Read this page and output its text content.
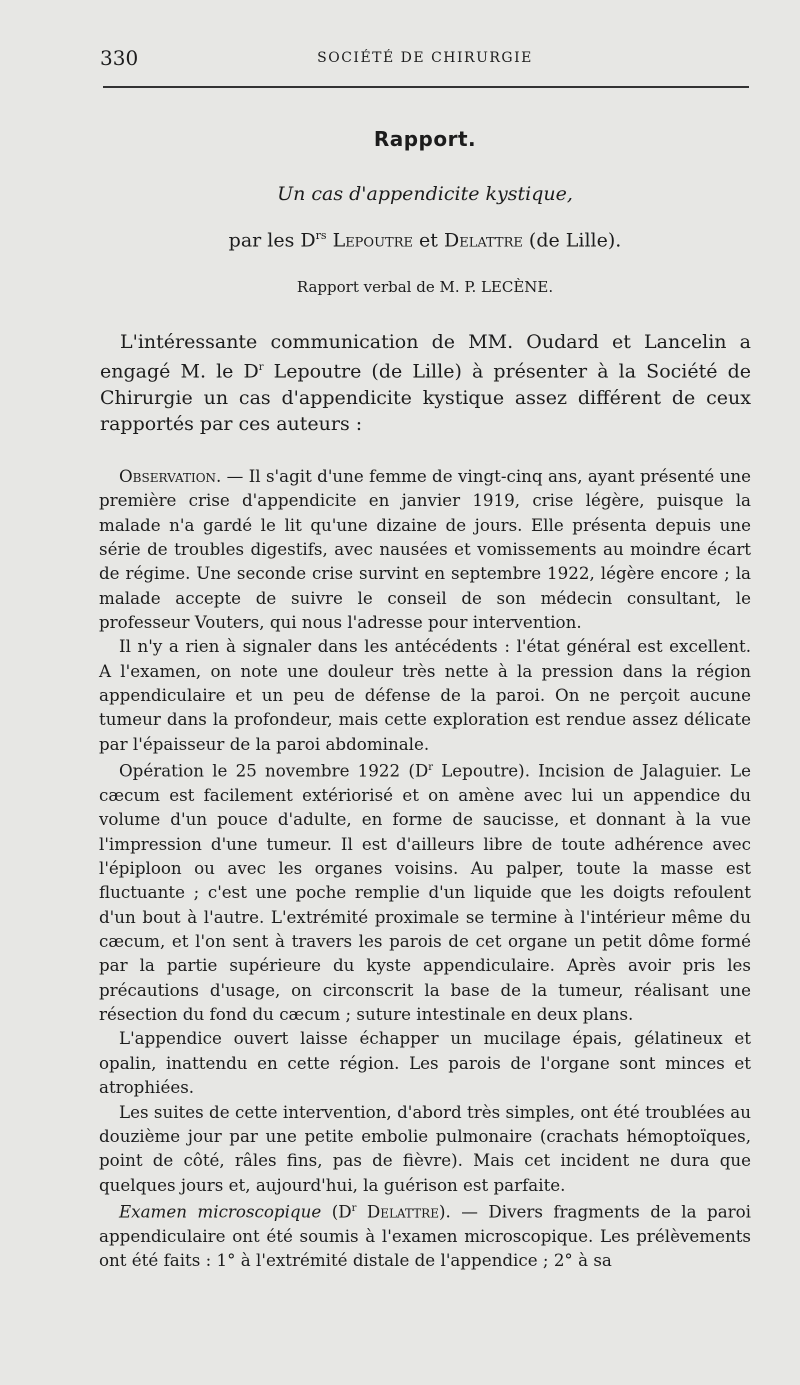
330	SOCIÉTÉ DE CHIRURGIE
Rapport.
Un cas d'appendicite kystique,
par les $D^{rs}$ Lepoutre et Delattre (de Lille).
Rapport verbal de M. P. LECÈNE.

L'intéressante communication de MM. Oudard et Lancelin a engagé M. le $D^r$ Lepoutre (de Lille) à présenter à la Société de Chirurgie un cas d'appendicite kystique assez différent de ceux rapportés par ces auteurs :

Observation. — Il s'agit d'une femme de vingt-cinq ans, ayant présenté une première crise d'appendicite en janvier 1919, crise légère, puisque la malade n'a gardé le lit qu'une dizaine de jours. Elle présenta depuis une série de troubles digestifs, avec nausées et vomissements au moindre écart de régime. Une seconde crise survint en septembre 1922, légère encore ; la malade accepte de suivre le conseil de son médecin consultant, le professeur Vouters, qui nous l'adresse pour intervention.

Il n'y a rien à signaler dans les antécédents : l'état général est excellent. A l'examen, on note une douleur très nette à la pression dans la région appendiculaire et un peu de défense de la paroi. On ne perçoit aucune tumeur dans la profondeur, mais cette exploration est rendue assez délicate par l'épaisseur de la paroi abdominale.

Opération le 25 novembre 1922 ($D^r$ Lepoutre). Incision de Jalaguier. Le cæcum est facilement extériorisé et on amène avec lui un appendice du volume d'un pouce d'adulte, en forme de saucisse, et donnant à la vue l'impression d'une tumeur. Il est d'ailleurs libre de toute adhérence avec l'épiploon ou avec les organes voisins. Au palper, toute la masse est fluctuante ; c'est une poche remplie d'un liquide que les doigts refoulent d'un bout à l'autre. L'extrémité proximale se termine à l'intérieur même du cæcum, et l'on sent à travers les parois de cet organe un petit dôme formé par la partie supérieure du kyste appendiculaire. Après avoir pris les précautions d'usage, on circonscrit la base de la tumeur, réalisant une résection du fond du cæcum ; suture intestinale en deux plans.

L'appendice ouvert laisse échapper un mucilage épais, gélatineux et opalin, inattendu en cette région. Les parois de l'organe sont minces et atrophiées.

Les suites de cette intervention, d'abord très simples, ont été troublées au douzième jour par une petite embolie pulmonaire (crachats hémoptoïques, point de côté, râles fins, pas de fièvre). Mais cet incident ne dura que quelques jours et, aujourd'hui, la guérison est parfaite.

Examen microscopique ($D^r$ Delattre). — Divers fragments de la paroi appendiculaire ont été soumis à l'examen microscopique. Les prélèvements ont été faits : 1° à l'extrémité distale de l'appendice ; 2° à sa
